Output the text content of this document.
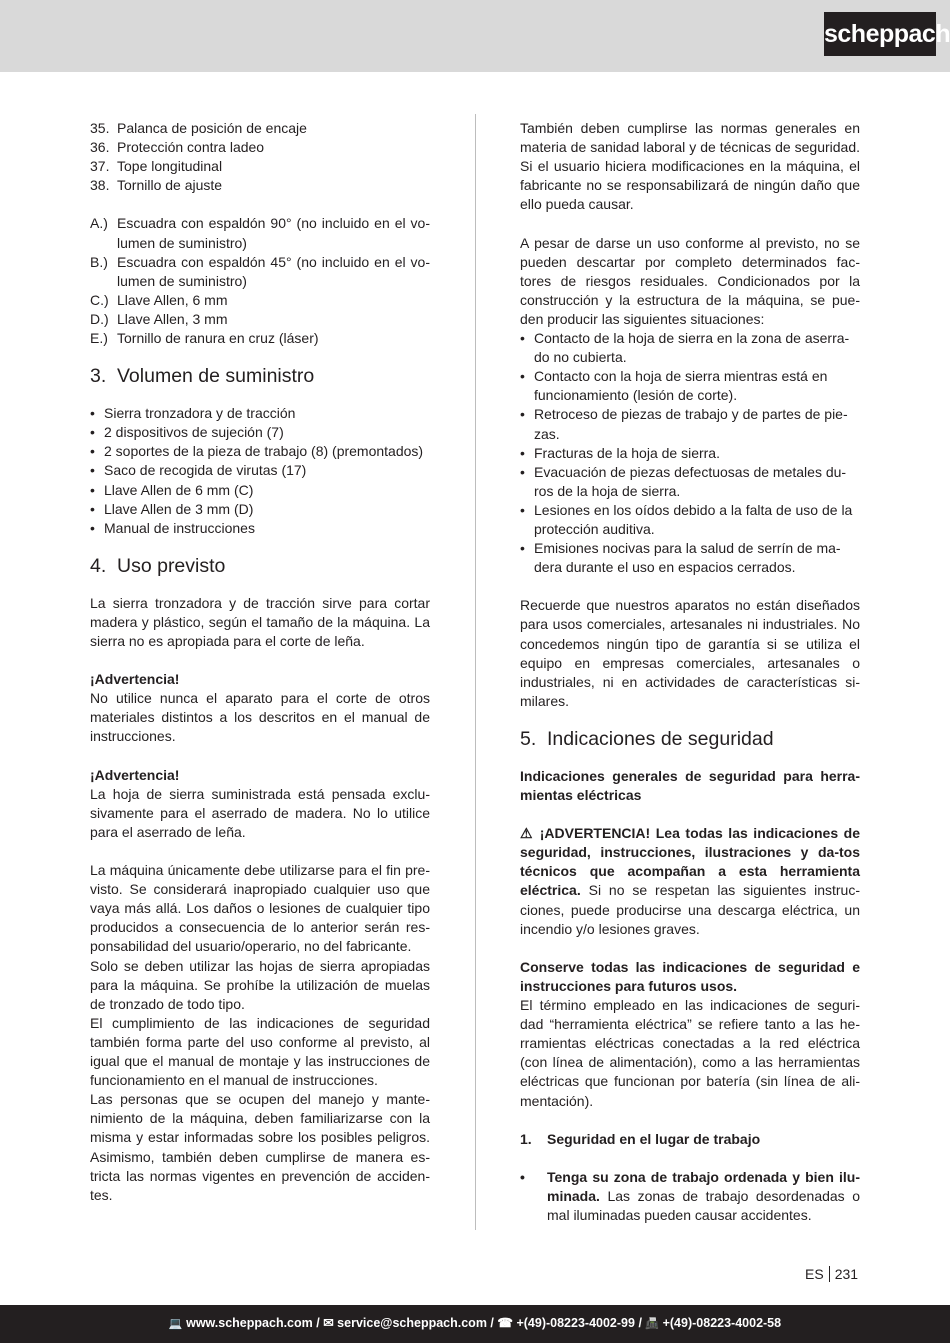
scheppach
35. Palanca de posición de encaje
36. Protección contra ladeo
37. Tope longitudinal
38. Tornillo de ajuste
A.) Escuadra con espaldón 90° (no incluido en el vo-lumen de suministro)
B.) Escuadra con espaldón 45° (no incluido en el vo-lumen de suministro)
C.) Llave Allen, 6 mm
D.) Llave Allen, 3 mm
E.) Tornillo de ranura en cruz (láser)
3. Volumen de suministro
• Sierra tronzadora y de tracción
• 2 dispositivos de sujeción (7)
• 2 soportes de la pieza de trabajo (8) (premontados)
• Saco de recogida de virutas (17)
• Llave Allen de 6 mm (C)
• Llave Allen de 3 mm (D)
• Manual de instrucciones
4. Uso previsto

La sierra tronzadora y de tracción sirve para cortar madera y plástico, según el tamaño de la máquina. La sierra no es apropiada para el corte de leña.

¡Advertencia!

No utilice nunca el aparato para el corte de otros materiales distintos a los descritos en el manual de instrucciones.

¡Advertencia!

La hoja de sierra suministrada está pensada exclu-sivamente para el aserrado de madera. No lo utilice para el aserrado de leña.

La máquina únicamente debe utilizarse para el fin pre-visto. Se considerará inapropiado cualquier uso que vaya más allá. Los daños o lesiones de cualquier tipo producidos a consecuencia de lo anterior serán res-ponsabilidad del usuario/operario, no del fabricante.

Solo se deben utilizar las hojas de sierra apropiadas para la máquina. Se prohíbe la utilización de muelas de tronzado de todo tipo.

El cumplimiento de las indicaciones de seguridad también forma parte del uso conforme al previsto, al igual que el manual de montaje y las instrucciones de funcionamiento en el manual de instrucciones.

Las personas que se ocupen del manejo y mante-nimiento de la máquina, deben familiarizarse con la misma y estar informadas sobre los posibles peligros. Asimismo, también deben cumplirse de manera es-tricta las normas vigentes en prevención de acciden-tes.

También deben cumplirse las normas generales en materia de sanidad laboral y de técnicas de seguridad. Si el usuario hiciera modificaciones en la máquina, el fabricante no se responsabilizará de ningún daño que ello pueda causar.

A pesar de darse un uso conforme al previsto, no se pueden descartar por completo determinados fac-tores de riesgos residuales. Condicionados por la construcción y la estructura de la máquina, se pue-den producir las siguientes situaciones:

• Contacto de la hoja de sierra en la zona de aserra-do no cubierta.
• Contacto con la hoja de sierra mientras está en funcionamiento (lesión de corte).
• Retroceso de piezas de trabajo y de partes de pie-zas.
• Fracturas de la hoja de sierra.
• Evacuación de piezas defectuosas de metales du-ros de la hoja de sierra.
• Lesiones en los oídos debido a la falta de uso de la protección auditiva.
• Emisiones nocivas para la salud de serrín de ma-dera durante el uso en espacios cerrados.

Recuerde que nuestros aparatos no están diseñados para usos comerciales, artesanales ni industriales. No concedemos ningún tipo de garantía si se utiliza el equipo en empresas comerciales, artesanales o industriales, ni en actividades de características si-milares.

5. Indicaciones de seguridad

Indicaciones generales de seguridad para herra-mientas eléctricas

⚠ ¡ADVERTENCIA! Lea todas las indicaciones de seguridad, instrucciones, ilustraciones y da-tos técnicos que acompañan a esta herramienta eléctrica. Si no se respetan las siguientes instruc-ciones, puede producirse una descarga eléctrica, un incendio y/o lesiones graves.

Conserve todas las indicaciones de seguridad e instrucciones para futuros usos.

El término empleado en las indicaciones de seguri-dad “herramienta eléctrica” se refiere tanto a las he-rramientas eléctricas conectadas a la red eléctrica (con línea de alimentación), como a las herramientas eléctricas que funcionan por batería (sin línea de ali-mentación).

1.	Seguridad en el lugar de trabajo
•	Tenga su zona de trabajo ordenada y bien ilu-minada. Las zonas de trabajo desordenadas o mal iluminadas pueden causar accidentes.

ES 231
💻 www.scheppach.com / ✉ service@scheppach.com / ☎ +(49)-08223-4002-99 / 📠 +(49)-08223-4002-58
